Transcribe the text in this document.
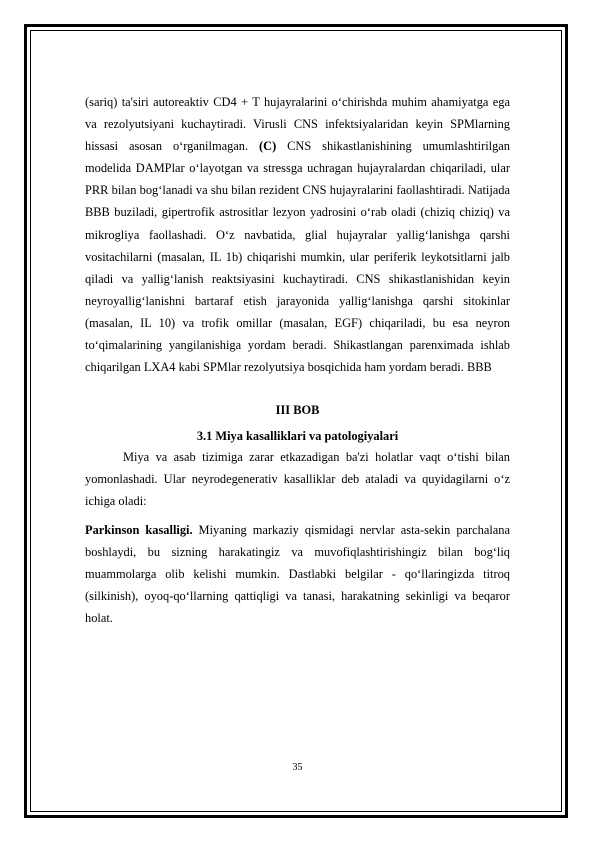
(sariq) ta'siri autoreaktiv CD4 + T hujayralarini o‘chirishda muhim ahamiyatga ega va rezolyutsiyani kuchaytiradi. Virusli CNS infektsiyalaridan keyin SPMlarning hissasi asosan o‘rganilmagan. (C) CNS shikastlanishining umumlashtirilgan modelida DAMPlar o‘layotgan va stressga uchragan hujayralardan chiqariladi, ular PRR bilan bog‘lanadi va shu bilan rezident CNS hujayralarini faollashtiradi. Natijada BBB buziladi, gipertrofik astrositlar lezyon yadrosini o‘rab oladi (chiziq chiziq) va mikrogliya faollashadi. O‘z navbatida, glial hujayralar yallig‘lanishga qarshi vositachilarni (masalan, IL 1b) chiqarishi mumkin, ular periferik leykotsitlarni jalb qiladi va yallig‘lanish reaktsiyasini kuchaytiradi. CNS shikastlanishidan keyin neyroyallig‘lanishni bartaraf etish jarayonida yallig‘lanishga qarshi sitokinlar (masalan, IL 10) va trofik omillar (masalan, EGF) chiqariladi, bu esa neyron to‘qimalarining yangilanishiga yordam beradi. Shikastlangan parenximada ishlab chiqarilgan LXA4 kabi SPMlar rezolyutsiya bosqichida ham yordam beradi. BBB

III BOB
3.1 Miya kasalliklari va patologiyalari

Miya va asab tizimiga zarar etkazadigan ba'zi holatlar vaqt o‘tishi bilan yomonlashadi. Ular neyrodegenerativ kasalliklar deb ataladi va quyidagilarni o‘z ichiga oladi:

Parkinson kasalligi. Miyaning markaziy qismidagi nervlar asta-sekin parchalana boshlaydi, bu sizning harakatingiz va muvofiqlashtirishingiz bilan bog‘liq muammolarga olib kelishi mumkin. Dastlabki belgilar - qo‘llaringizda titroq (silkinish), oyoq-qo‘llarning qattiqligi va tanasi, harakatning sekinligi va beqaror holat.

35
